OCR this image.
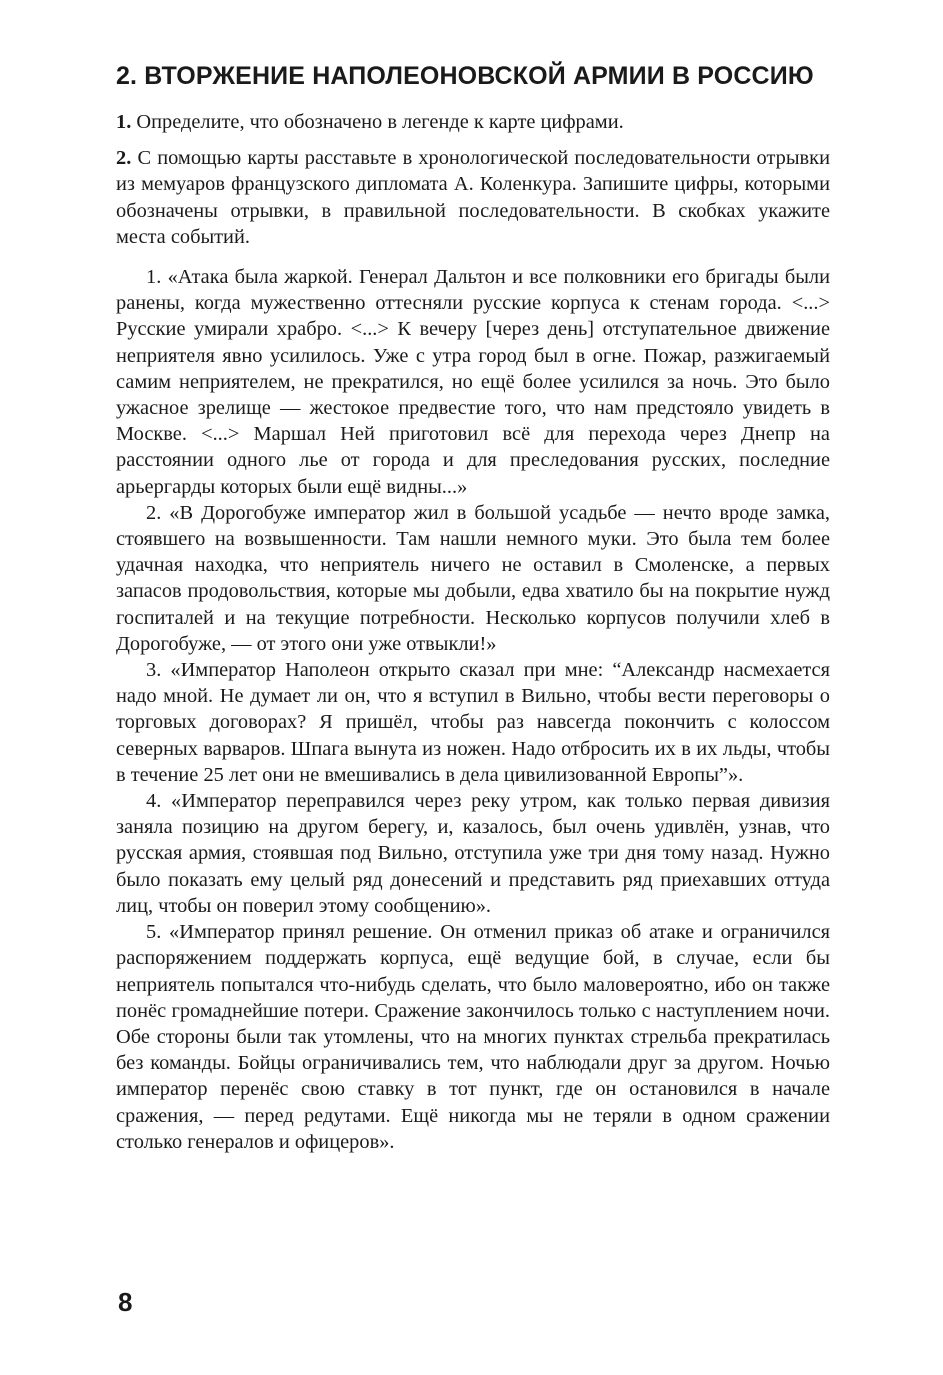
2. ВТОРЖЕНИЕ НАПОЛЕОНОВСКОЙ АРМИИ В РОССИЮ

1. Определите, что обозначено в легенде к карте цифрами.

2. С помощью карты расставьте в хронологической последовательности отрывки из мемуаров французского дипломата А. Коленкура. Запишите цифры, которыми обозначены отрывки, в правильной последовательности. В скобках укажите места событий.

1. «Атака была жаркой. Генерал Дальтон и все полковники его бригады были ранены, когда мужественно оттесняли русские корпуса к стенам города. <...> Русские умирали храбро. <...> К вечеру [через день] отступательное движение неприятеля явно усилилось. Уже с утра город был в огне. Пожар, разжигаемый самим неприятелем, не прекратился, но ещё более усилился за ночь. Это было ужасное зрелище — жестокое предвестие того, что нам предстояло увидеть в Москве. <...> Маршал Ней приготовил всё для перехода через Днепр на расстоянии одного лье от города и для преследования русских, последние арьергарды которых были ещё видны...»

2. «В Дорогобуже император жил в большой усадьбе — нечто вроде замка, стоявшего на возвышенности. Там нашли немного муки. Это была тем более удачная находка, что неприятель ничего не оставил в Смоленске, а первых запасов продовольствия, которые мы добыли, едва хватило бы на покрытие нужд госпиталей и на текущие потребности. Несколько корпусов получили хлеб в Дорогобуже, — от этого они уже отвыкли!»

3. «Император Наполеон открыто сказал при мне: “Александр насмехается надо мной. Не думает ли он, что я вступил в Вильно, чтобы вести переговоры о торговых договорах? Я пришёл, чтобы раз навсегда покончить с колоссом северных варваров. Шпага вынута из ножен. Надо отбросить их в их льды, чтобы в течение 25 лет они не вмешивались в дела цивилизованной Европы”».

4. «Император переправился через реку утром, как только первая дивизия заняла позицию на другом берегу, и, казалось, был очень удивлён, узнав, что русская армия, стоявшая под Вильно, отступила уже три дня тому назад. Нужно было показать ему целый ряд донесений и представить ряд приехавших оттуда лиц, чтобы он поверил этому сообщению».

5. «Император принял решение. Он отменил приказ об атаке и ограничился распоряжением поддержать корпуса, ещё ведущие бой, в случае, если бы неприятель попытался что-нибудь сделать, что было маловероятно, ибо он также понёс громаднейшие потери. Сражение закончилось только с наступлением ночи. Обе стороны были так утомлены, что на многих пунктах стрельба прекратилась без команды. Бойцы ограничивались тем, что наблюдали друг за другом. Ночью император перенёс свою ставку в тот пункт, где он остановился в начале сражения, — перед редутами. Ещё никогда мы не теряли в одном сражении столько генералов и офицеров».

8
